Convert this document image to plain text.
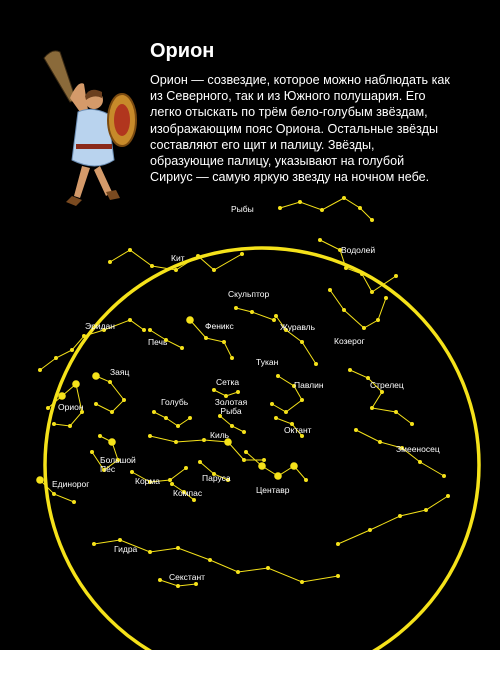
Орион

Орион — созвездие, которое можно наблюдать как из Северного, так и из Южного полушария. Его легко отыскать по трём бело-голубым звёздам, изображающим пояс Ориона. Остальные звёзды составляют его щит и палицу. Звёзды, образующие палицу, указывают на голубой Сириус — самую яркую звезду на ночном небе.

Рыбы
Водолей
Кит
Скульптор
Эридан	Феникс	Журавль
Печь	Козерог
Тукан
Заяц
Сетка	Павлин	Стрелец
Орион	Голубь	Золотая Рыба
Октант
Киль
Большой Пёс
Змееносец
Корма	Паруса
Единорог
Компас	Центавр
Гидра
Секстант
